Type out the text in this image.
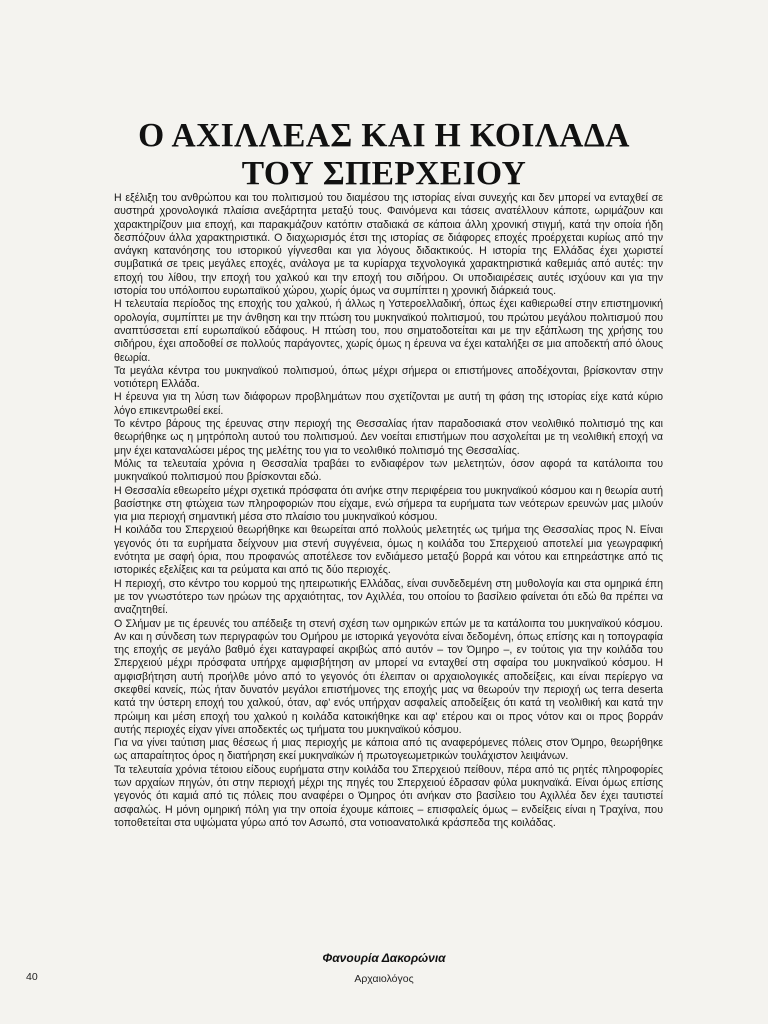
Ο ΑΧΙΛΛΕΑΣ ΚΑΙ Η ΚΟΙΛΑΔΑ
ΤΟΥ ΣΠΕΡΧΕΙΟΥ

Η εξέλιξη του ανθρώπου και του πολιτισμού του διαμέσου της ιστορίας είναι συνεχής και δεν μπορεί να ενταχθεί σε αυστηρά χρονολογικά πλαίσια ανεξάρτητα μεταξύ τους. Φαινόμενα και τάσεις ανατέλλουν κάποτε, ωριμάζουν και χαρακτηρίζουν μια εποχή, και παρακμάζουν κατόπιν σταδιακά σε κάποια άλλη χρονική στιγμή, κατά την οποία ήδη δεσπόζουν άλλα χαρακτηριστικά. Ο διαχωρισμός έτσι της ιστορίας σε διάφορες εποχές προέρχεται κυρίως από την ανάγκη κατανόησης του ιστορικού γίγνεσθαι και για λόγους διδακτικούς. Η ιστορία της Ελλάδας έχει χωριστεί συμβατικά σε τρεις μεγάλες εποχές, ανάλογα με τα κυρίαρχα τεχνολογικά χαρακτηριστικά καθεμιάς από αυτές: την εποχή του λίθου, την εποχή του χαλκού και την εποχή του σιδήρου. Οι υποδιαιρέσεις αυτές ισχύουν και για την ιστορία του υπόλοιπου ευρωπαϊκού χώρου, χωρίς όμως να συμπίπτει η χρονική διάρκειά τους.

Η τελευταία περίοδος της εποχής του χαλκού, ή άλλως η Υστεροελλαδική, όπως έχει καθιερωθεί στην επιστημονική ορολογία, συμπίπτει με την άνθηση και την πτώση του μυκηναϊκού πολιτισμού, του πρώτου μεγάλου πολιτισμού που αναπτύσσεται επί ευρωπαϊκού εδάφους. Η πτώση του, που σηματοδοτείται και με την εξάπλωση της χρήσης του σιδήρου, έχει αποδοθεί σε πολλούς παράγοντες, χωρίς όμως η έρευνα να έχει καταλήξει σε μια αποδεκτή από όλους θεωρία.

Τα μεγάλα κέντρα του μυκηναϊκού πολιτισμού, όπως μέχρι σήμερα οι επιστήμονες αποδέχονται, βρίσκονταν στην νοτιότερη Ελλάδα.

Η έρευνα για τη λύση των διάφορων προβλημάτων που σχετίζονται με αυτή τη φάση της ιστορίας είχε κατά κύριο λόγο επικεντρωθεί εκεί.

Το κέντρο βάρους της έρευνας στην περιοχή της Θεσσαλίας ήταν παραδοσιακά στον νεολιθικό πολιτισμό της και θεωρήθηκε ως η μητρόπολη αυτού του πολιτισμού. Δεν νοείται επιστήμων που ασχολείται με τη νεολιθική εποχή να μην έχει καταναλώσει μέρος της μελέτης του για το νεολιθικό πολιτισμό της Θεσσαλίας.

Μόλις τα τελευταία χρόνια η Θεσσαλία τραβάει το ενδιαφέρον των μελετητών, όσον αφορά τα κατάλοιπα του μυκηναϊκού πολιτισμού που βρίσκονται εδώ.

Η Θεσσαλία εθεωρείτο μέχρι σχετικά πρόσφατα ότι ανήκε στην περιφέρεια του μυκηναϊκού κόσμου και η θεωρία αυτή βασίστηκε στη φτώχεια των πληροφοριών που είχαμε, ενώ σήμερα τα ευρήματα των νεότερων ερευνών μας μιλούν για μια περιοχή σημαντική μέσα στο πλαίσιο του μυκηναϊκού κόσμου.

Η κοιλάδα του Σπερχειού θεωρήθηκε και θεωρείται από πολλούς μελετητές ως τμήμα της Θεσσαλίας προς Ν. Είναι γεγονός ότι τα ευρήματα δείχνουν μια στενή συγγένεια, όμως η κοιλάδα του Σπερχειού αποτελεί μια γεωγραφική ενότητα με σαφή όρια, που προφανώς αποτέλεσε τον ενδιάμεσο μεταξύ βορρά και νότου και επηρεάστηκε από τις ιστορικές εξελίξεις και τα ρεύματα και από τις δύο περιοχές.

Η περιοχή, στο κέντρο του κορμού της ηπειρωτικής Ελλάδας, είναι συνδεδεμένη στη μυθολογία και στα ομηρικά έπη με τον γνωστότερο των ηρώων της αρχαιότητας, τον Αχιλλέα, του οποίου το βασίλειο φαίνεται ότι εδώ θα πρέπει να αναζητηθεί.

Ο Σλήμαν με τις έρευνές του απέδειξε τη στενή σχέση των ομηρικών επών με τα κατάλοιπα του μυκηναϊκού κόσμου. Αν και η σύνδεση των περιγραφών του Ομήρου με ιστορικά γεγονότα είναι δεδομένη, όπως επίσης και η τοπογραφία της εποχής σε μεγάλο βαθμό έχει καταγραφεί ακριβώς από αυτόν – τον Όμηρο –, εν τούτοις για την κοιλάδα του Σπερχειού μέχρι πρόσφατα υπήρχε αμφισβήτηση αν μπορεί να ενταχθεί στη σφαίρα του μυκηναϊκού κόσμου. Η αμφισβήτηση αυτή προήλθε μόνο από το γεγονός ότι έλειπαν οι αρχαιολογικές αποδείξεις, και είναι περίεργο να σκεφθεί κανείς, πώς ήταν δυνατόν μεγάλοι επιστήμονες της εποχής μας να θεωρούν την περιοχή ως terra deserta κατά την ύστερη εποχή του χαλκού, όταν, αφ' ενός υπήρχαν ασφαλείς αποδείξεις ότι κατά τη νεολιθική και κατά την πρώιμη και μέση εποχή του χαλκού η κοιλάδα κατοικήθηκε και αφ' ετέρου και οι προς νότον και οι προς βορράν αυτής περιοχές είχαν γίνει αποδεκτές ως τμήματα του μυκηναϊκού κόσμου.

Για να γίνει ταύτιση μιας θέσεως ή μιας περιοχής με κάποια από τις αναφερόμενες πόλεις στον Όμηρο, θεωρήθηκε ως απαραίτητος όρος η διατήρηση εκεί μυκηναϊκών ή πρωτογεωμετρικών τουλάχιστον λειψάνων.

Τα τελευταία χρόνια τέτοιου είδους ευρήματα στην κοιλάδα του Σπερχειού πείθουν, πέρα από τις ρητές πληροφορίες των αρχαίων πηγών, ότι στην περιοχή μέχρι της πηγές του Σπερχειού έδρασαν φύλα μυκηναϊκά. Είναι όμως επίσης γεγονός ότι καμιά από τις πόλεις που αναφέρει ο Όμηρος ότι ανήκαν στο βασίλειο του Αχιλλέα δεν έχει ταυτιστεί ασφαλώς. Η μόνη ομηρική πόλη για την οποία έχουμε κάποιες – επισφαλείς όμως – ενδείξεις είναι η Τραχίνα, που τοποθετείται στα υψώματα γύρω από τον Ασωπό, στα νοτιοανατολικά κράσπεδα της κοιλάδας.

Φανουρία Δακορώνια
Αρχαιολόγος
40
